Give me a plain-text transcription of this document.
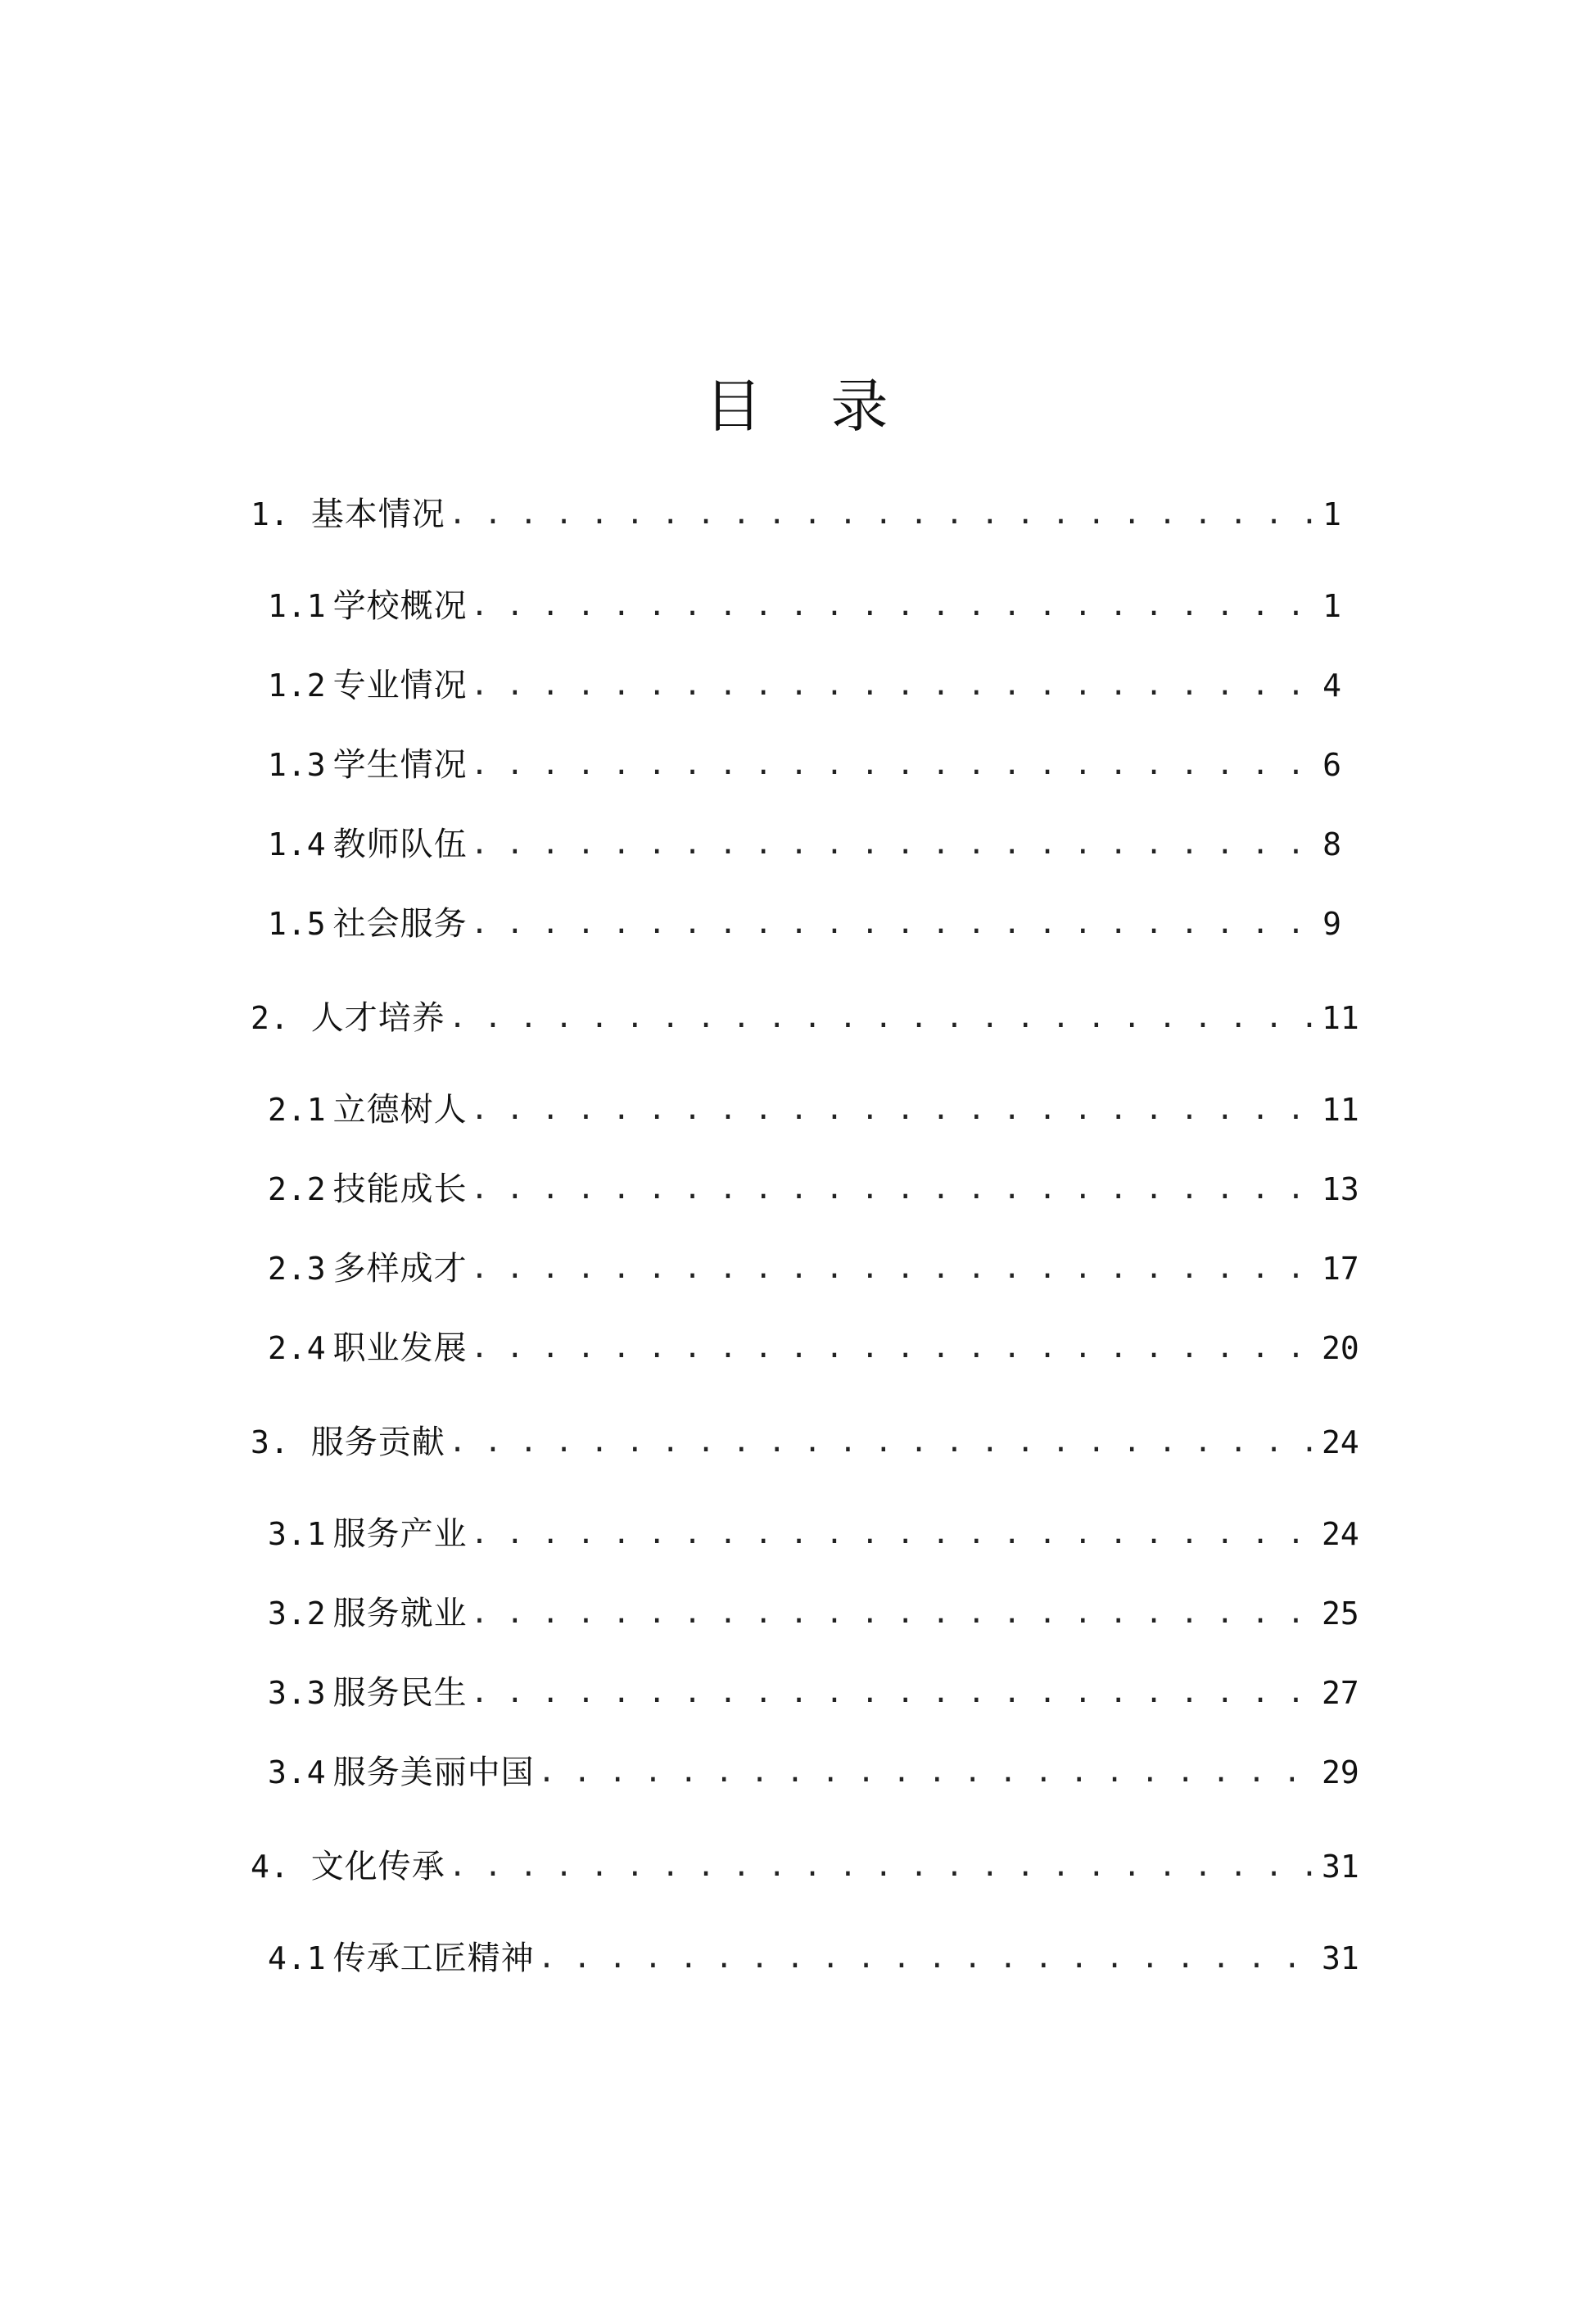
目 录
1. 基本情况 . . .	1
1.1 学校概况 . . .	1
1.2 专业情况 . . .	4
1.3 学生情况 . . .	6
1.4 教师队伍 . . .	8
1.5 社会服务 . . .	9
2. 人才培养 . . .	11
2.1 立德树人 . . .	11
2.2 技能成长 . . .	13
2.3 多样成才 . . .	17
2.4 职业发展 . . .	20
3. 服务贡献 . . .	24
3.1 服务产业 . . .	24
3.2 服务就业 . . .	25
3.3 服务民生 . . .	27
3.4 服务美丽中国 . . .	29
4. 文化传承 . . .	31
4.1 传承工匠精神 . . .	31
